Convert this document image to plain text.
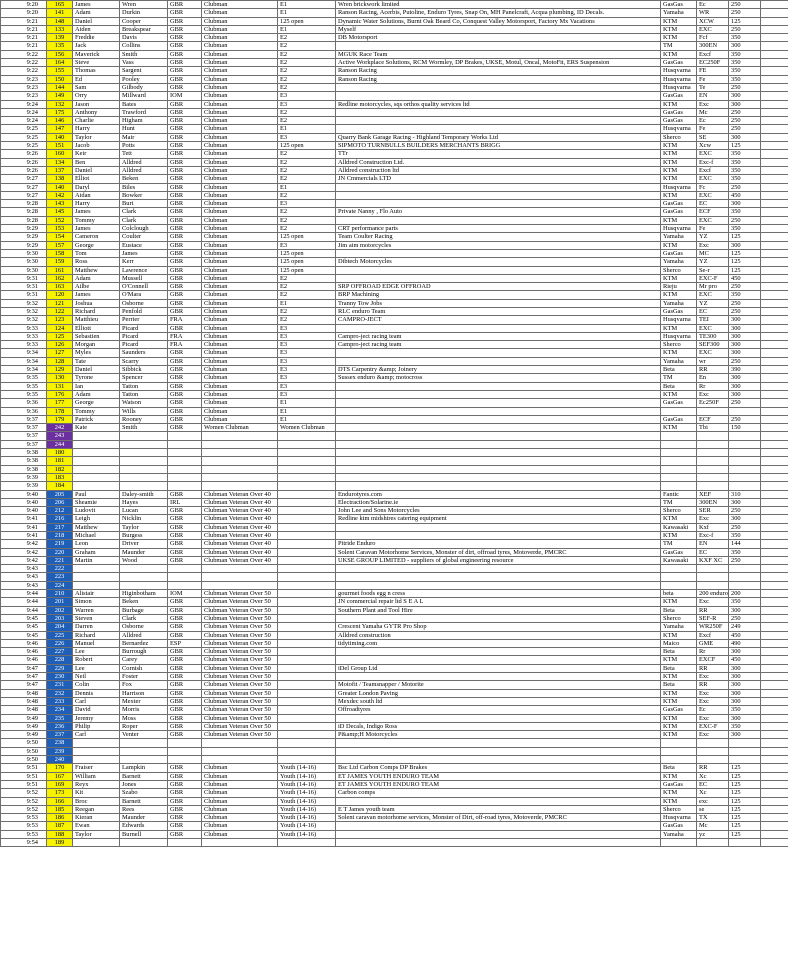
9:20	165	James	Wren	GBR	Clubman	E1	Wren brickwork limited	GasGas	Ec	250	
9:20	141	Adam	Durkin	GBR	Clubman	E1	Ranson Racing, Acerbis, Putoline, Enduro Tyres, Snap On, MH Panelcraft, Acqua plumbing, ID Decals.	Yamaha	WR	250	
9:21	148	Daniel	Cooper	GBR	Clubman	125 open	Dynamic Water Solutions, Burnt Oak Beard Co, Conquest Valley Motorsport, Factory Mx Vacations	KTM	XCW	125	
9:21	133	Aiden	Breakspear	GBR	Clubman	E1	Myself	KTM	EXC	250	
9:21	139	Freddie	Davis	GBR	Clubman	E2	DB Motorsport	KTM	Fcf	350	
9:21	135	Jack	Collins	GBR	Clubman	E2		TM	300EN	300	
9:22	156	Maverick	Smith	GBR	Clubman	E2	MGUK Race Team	KTM	Excf	350	
9:22	164	Steve	Vass	GBR	Clubman	E2	Active Workplace Solutions, RCM Wormley, DP Brakes, UKSE, Motul, Oncal, MotoFit, ERS Suspension	GasGas	EC250F	350	
9:22	155	Thomas	Sargent	GBR	Clubman	E2	Ranson Racing	Husqvarna	FE	350	
9:23	150	Ed	Pooley	GBR	Clubman	E2	Ranson Racing	Husqvarna	Fe	350	
9:23	144	Sam	Gilbody	GBR	Clubman	E2		Husqvarna	Te	250	
9:23	149	Orry	Millward	IOM	Clubman	E3		GasGas	EN	300	
9:24	132	Jason	Bates	GBR	Clubman	E3	Redline motorcycles, sqs orthos quality services ltd	KTM	Exc	300	
9:24	175	Anthony	Trawford	GBR	Clubman	E2		GasGas	Mc	250	
9:24	146	Charlie	Higham	GBR	Clubman	E2		GasGas	Ec	250	
9:25	147	Harry	Hunt	GBR	Clubman	E1		Husqvarna	Fe	250	
9:25	140	Taylor	Mair	GBR	Clubman	E3	Quarry Bank Garage Racing - Highland Temporary Works Ltd	Sherco	SE	300	
9:25	151	Jacob	Potts	GBR	Clubman	125 open	SIPMOTO TURNBULLS BUILDERS MERCHANTS BRIGG	KTM	Xcw	125	
9:26	160	Keir	Tett	GBR	Clubman	E2	TTr	KTM	EXC	350	
9:26	134	Ben	Alldred	GBR	Clubman	E2	Alldred Construction Ltd.	KTM	Exc-f	350	
9:26	137	Daniel	Alldred	GBR	Clubman	E2	Alldred construction ltd	KTM	Excf	350	
9:27	138	Elliot	Beken	GBR	Clubman	E2	JN Cmmercials LTD	KTM	EXC	350	
9:27	140	Daryl	Biles	GBR	Clubman	E1		Husqvarna	Fc	250	
9:27	142	Aidan	Bowker	GBR	Clubman	E2		KTM	EXC	450	
9:28	143	Harry	Burt	GBR	Clubman	E3		GasGas	EC	300	
9:28	145	James	Clark	GBR	Clubman	E2	Private Nanny , Flo Auto	GasGas	ECF	350	
9:28	152	Tommy	Clark	GBR	Clubman	E2		KTM	EXC	250	
9:29	153	James	Colclough	GBR	Clubman	E2	CRT performance parts	Husqvarna	Fe	350	
9:29	154	Cameron	Coulter	GBR	Clubman	125 open	Team Coulter Racing	Yamaha	YZ	125	
9:29	157	George	Eustace	GBR	Clubman	E3	Jim aim motorcycles	KTM	Exc	300	
9:30	158	Tom	James	GBR	Clubman	125 open		GasGas	MC	125	
9:30	159	Ross	Kerr	GBR	Clubman	125 open	Dibtech Motorcycles	Yamaha	YZ	125	
9:30	161	Matthew	Lawrence	GBR	Clubman	125 open		Sherco	Se-r	125	
9:31	162	Adam	Mussell	GBR	Clubman	E2		KTM	EXC-F	450	
9:31	163	Ailbe	O'Connell	GBR	Clubman	E2	SRP OFFROAD EDGE OFFROAD	Rieju	Mr pro	250	
9:31	120	James	O'Mara	GBR	Clubman	E2	BRP Machining	KTM	EXC	350	
9:32	121	Joshua	Osborne	GBR	Clubman	E1	Tranny Tow Jobs	Yamaha	YZ	250	
9:32	122	Richard	Penfold	GBR	Clubman	E2	RLC enduro Team	GasGas	EC	250	
9:32	123	Matthieu	Perrier	FRA	Clubman	E2	CAMPRO-JECT	Husqvarna	TEI	300	
9:33	124	Elliott	Picard	GBR	Clubman	E3		KTM	EXC	300	
9:33	125	Sebastien	Picard	FRA	Clubman	E3	Campro-ject racing team	Husqvarna	TE300	300	
9:33	126	Morgan	Picard	FRA	Clubman	E3	Campro-ject racing team	Sherco	SEF300	300	
9:34	127	Myles	Saunders	GBR	Clubman	E3		KTM	EXC	300	
9:34	128	Tate	Scarry	GBR	Clubman	E3		Yamaha	wr	250	
9:34	129	Daniel	Sibbick	GBR	Clubman	E3	DTS Carpentry &amp; Joinery	Beta	RR	390	
9:35	130	Tyrone	Spencer	GBR	Clubman	E3	Sussex enduro &amp; motocross	TM	En	300	
9:35	131	Ian	Tatton	GBR	Clubman	E3		Beta	Rr	300	
9:35	176	Adam	Tatton	GBR	Clubman	E3		KTM	Exc	300	
9:36	177	George	Watson	GBR	Clubman	E1		GasGas	Ec250F	250	
9:36	178	Tommy	Wills	GBR	Clubman	E1					
9:37	179	Patrick	Rooney	GBR	Clubman	E1		GasGas	ECF	250	
9:37	242	Kate	Smith	GBR	Women Clubman	Women Clubman		KTM	Tbi	150	
9:37	243										
9:37	244										
9:38	180										
9:38	181										
9:38	182										
9:39	183										
9:39	184										
9:40	205	Paul	Daley-smith	GBR	Clubman Veteran Over 40		Endurotyres.com	Fantic	XEF	310	
9:40	206	Sheamie	Hayes	IRL	Clubman Veteran Over 40		Electraction/Solarine.ie	TM	300EN	300	
9:40	212	Ludovit	Lucan	GBR	Clubman Veteran Over 40		John Lee and Sons Motorcycles	Sherco	SER	250	
9:41	216	Leigh	Nicklin	GBR	Clubman Veteran Over 40		Redline ktm midshires catering equipment	KTM	Exc	300	
9:41	217	Matthew	Taylor	GBR	Clubman Veteran Over 40			Kawasaki	Kxf	250	
9:41	218	Michael	Burgess	GBR	Clubman Veteran Over 40			KTM	Exc-f	350	
9:42	219	Leon	Driver	GBR	Clubman Veteran Over 40		Pitride Enduro	TM	EN	144	
9:42	220	Graham	Maunder	GBR	Clubman Veteran Over 40		Solent Caravan Motorhome Services, Monster of dirt, offroad tyres, Motoverde, PMCRC	GasGas	EC	350	
9:42	221	Martin	Wood	GBR	Clubman Veteran Over 40		UKSE GROUP LIMITED - suppliers of global engineering resource	Kawasaki	KXF XC	250	
9:43	222										
9:43	223										
9:43	224										
9:44	210	Alistair	Higinbotham	IOM	Clubman Veteran Over 50		gourmet foods egg n cress	beta	200 enduro	200	
9:44	201	Simon	Beken	GBR	Clubman Veteran Over 50		JN commercial repair ltd S E A L	KTM	Exc	350	
9:44	202	Warren	Burbage	GBR	Clubman Veteran Over 50		Southern Plant and Tool Hire	Beta	RR	300	
9:45	203	Steven	Clark	GBR	Clubman Veteran Over 50			Sherco	SEF-R	250	
9:45	204	Darren	Osborne	GBR	Clubman Veteran Over 50		Crescent Yamaha GYTR Pro Shop	Yamaha	WR250F	249	
9:45	225	Richard	Alldred	GBR	Clubman Veteran Over 50		Alldred construction	KTM	Excf	450	
9:46	226	Manuel	Bernardez	ESP	Clubman Veteran Over 50		tidytiming.com	Maico	GME	490	
9:46	227	Lee	Burrough	GBR	Clubman Veteran Over 50			Beta	Rr	300	
9:46	228	Robert	Carey	GBR	Clubman Veteran Over 50			KTM	EXCF	450	
9:47	229	Lee	Cornish	GBR	Clubman Veteran Over 50		iDel Group Ltd	Beta	RR	300	
9:47	230	Neil	Foster	GBR	Clubman Veteran Over 50			KTM	Exc	300	
9:47	231	Colin	Fox	GBR	Clubman Veteran Over 50		Motofit / Teamsnapper / Motorite	Beta	RR	300	
9:48	232	Dennis	Harrison	GBR	Clubman Veteran Over 50		Greater London Paving	KTM	Exc	300	
9:48	233	Carl	Mexter	GBR	Clubman Veteran Over 50		Mexdec south ltd	KTM	Exc	300	
9:48	234	David	Morris	GBR	Clubman Veteran Over 50		Offroadtyres	GasGas	Ec	350	
9:49	235	Jeremy	Moss	GBR	Clubman Veteran Over 50			KTM	Exc	300	
9:49	236	Philip	Roper	GBR	Clubman Veteran Over 50		iD Decals, Indigo Ross	KTM	EXC-F	350	
9:49	237	Carl	Venter	GBR	Clubman Veteran Over 50		P&amp;H Motorcycles	KTM	Exc	300	
9:50	238										
9:50	239										
9:50	240										
9:51	170	Fraiser	Lampkin	GBR	Clubman	Youth (14-16)	Bsc Ltd Carbon Comps DP Brakes	Beta	RR	125	
9:51	167	William	Barnett	GBR	Clubman	Youth (14-16)	ET JAMES YOUTH ENDURO TEAM	KTM	Xc	125	
9:51	169	Reyx	Jones	GBR	Clubman	Youth (14-16)	ET JAMES YOUTH ENDURO TEAM	GasGas	EC	125	
9:52	173	Kit	Szabo	GBR	Clubman	Youth (14-16)	Carbon comps	KTM	Xc	125	
9:52	166	Broc	Barnett	GBR	Clubman	Youth (14-16)		KTM	exc	125	
9:52	185	Reegan	Rees	GBR	Clubman	Youth (14-16)	E T James youth team	Sherco	se	125	
9:53	186	Kieran	Maunder	GBR	Clubman	Youth (14-16)	Solent caravan motorhome services, Monster of Dirt, off-road tyres, Motoverde, PMCRC	Husqvarna	TX	125	
9:53	187	Ewan	Edwards	GBR	Clubman	Youth (14-16)		GasGas	Mc	125	
9:53	188	Taylor	Burnell	GBR	Clubman	Youth (14-16)		Yamaha	yz	125	
9:54	189										
